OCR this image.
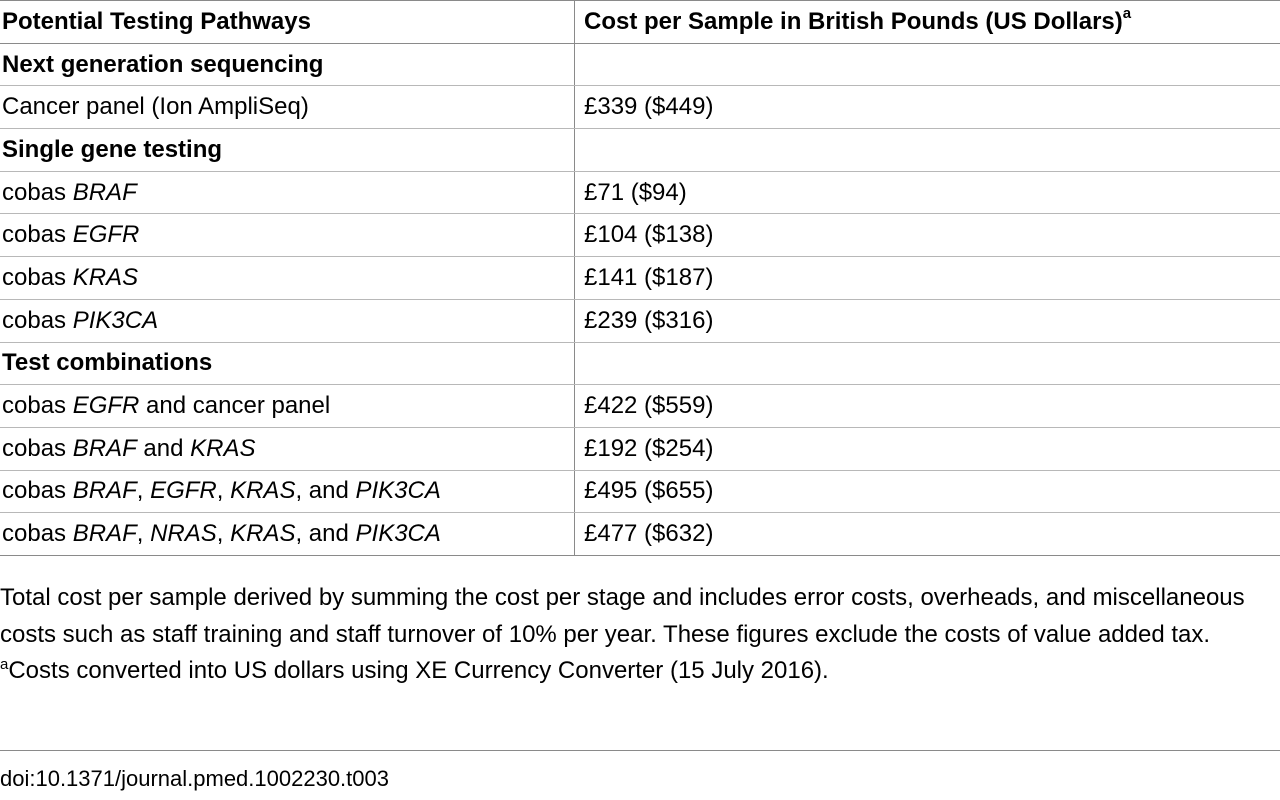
Potential Testing Pathways	Cost per Sample in British Pounds (US Dollars)$^a$
Next generation sequencing	
Cancer panel (Ion AmpliSeq)	£339 ($449)
Single gene testing	
cobas BRAF	£71 ($94)
cobas EGFR	£104 ($138)
cobas KRAS	£141 ($187)
cobas PIK3CA	£239 ($316)
Test combinations	
cobas EGFR and cancer panel	£422 ($559)
cobas BRAF and KRAS	£192 ($254)
cobas BRAF, EGFR, KRAS, and PIK3CA	£495 ($655)
cobas BRAF, NRAS, KRAS, and PIK3CA	£477 ($632)

Total cost per sample derived by summing the cost per stage and includes error costs, overheads, and miscellaneous costs such as staff training and staff turnover of 10% per year. These figures exclude the costs of value added tax.

$^a$Costs converted into US dollars using XE Currency Converter (15 July 2016).

doi:10.1371/journal.pmed.1002230.t003
